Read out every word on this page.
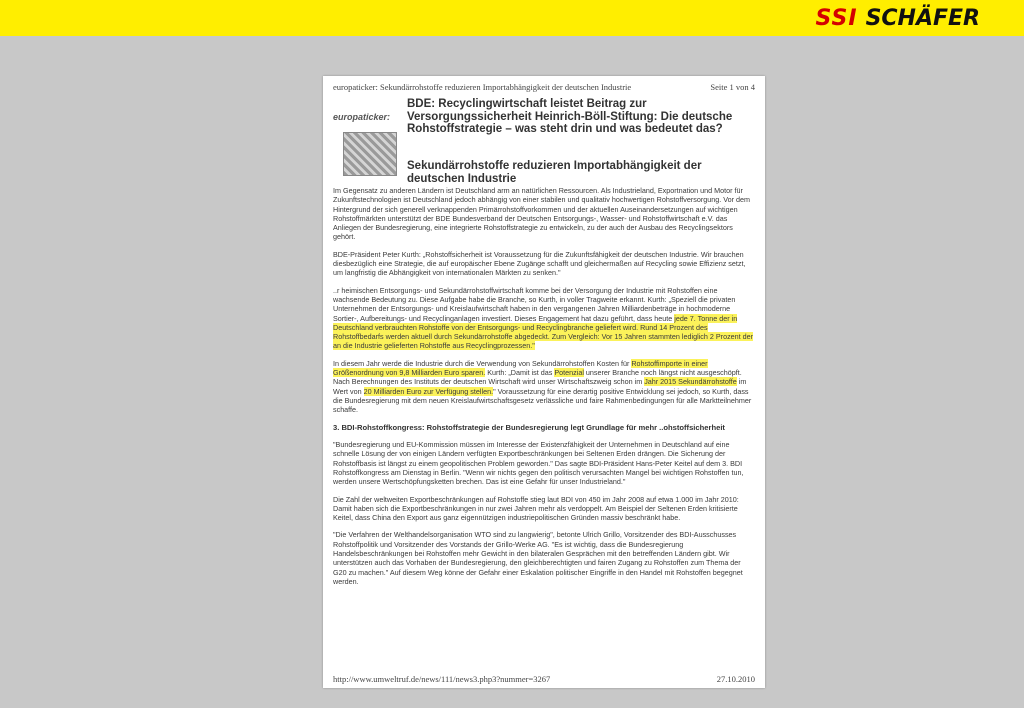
SSI SCHÄFER
europaticker: Sekundärrohstoffe reduzieren Importabhängigkeit der deutschen Industrie	Seite 1 von 4
europaticker:
BDE: Recyclingwirtschaft leistet Beitrag zur Versorgungssicherheit Heinrich-Böll-Stiftung: Die deutsche Rohstoffstrategie – was steht drin und was bedeutet das?
Sekundärrohstoffe reduzieren Importabhängigkeit der deutschen Industrie

Im Gegensatz zu anderen Ländern ist Deutschland arm an natürlichen Ressourcen. Als Industrieland, Exportnation und Motor für Zukunftstechnologien ist Deutschland jedoch abhängig von einer stabilen und qualitativ hochwertigen Rohstoffversorgung. Vor dem Hintergrund der sich generell verknappenden Primärrohstoffvorkommen und der aktuellen Auseinandersetzungen auf wichtigen Rohstoffmärkten unterstützt der BDE Bundesverband der Deutschen Entsorgungs-, Wasser- und Rohstoffwirtschaft e.V. das Anliegen der Bundesregierung, eine integrierte Rohstoffstrategie zu entwickeln, zu der auch der Ausbau des Recyclingsektors gehört.

BDE-Präsident Peter Kurth: „Rohstoffsicherheit ist Voraussetzung für die Zukunftsfähigkeit der deutschen Industrie. Wir brauchen diesbezüglich eine Strategie, die auf europäischer Ebene Zugänge schafft und gleichermaßen auf Recycling sowie Effizienz setzt, um langfristig die Abhängigkeit von internationalen Märkten zu senken."

..r heimischen Entsorgungs- und Sekundärrohstoffwirtschaft komme bei der Versorgung der Industrie mit Rohstoffen eine wachsende Bedeutung zu. Diese Aufgabe habe die Branche, so Kurth, in voller Tragweite erkannt. Kurth: „Speziell die privaten Unternehmen der Entsorgungs- und Kreislaufwirtschaft haben in den vergangenen Jahren Milliardenbeträge in hochmoderne Sortier-, Aufbereitungs- und Recyclinganlagen investiert. Dieses Engagement hat dazu geführt, dass heute jede 7. Tonne der in Deutschland verbrauchten Rohstoffe von der Entsorgungs- und Recyclingbranche geliefert wird. Rund 14 Prozent des Rohstoffbedarfs werden aktuell durch Sekundärrohstoffe abgedeckt. Zum Vergleich: Vor 15 Jahren stammten lediglich 2 Prozent der an die Industrie gelieferten Rohstoffe aus Recyclingprozessen."

In diesem Jahr werde die Industrie durch die Verwendung von Sekundärrohstoffen Kosten für Rohstoffimporte in einer Größenordnung von 9,8 Milliarden Euro sparen. Kurth: „Damit ist das Potenzial unserer Branche noch längst nicht ausgeschöpft. Nach Berechnungen des Instituts der deutschen Wirtschaft wird unser Wirtschaftszweig schon im Jahr 2015 Sekundärrohstoffe im Wert von 20 Milliarden Euro zur Verfügung stellen." Voraussetzung für eine derartig positive Entwicklung sei jedoch, so Kurth, dass die Bundesregierung mit dem neuen Kreislaufwirtschaftsgesetz verlässliche und faire Rahmenbedingungen für alle Marktteilnehmer schaffe.

3. BDI-Rohstoffkongress: Rohstoffstrategie der Bundesregierung legt Grundlage für mehr ..ohstoffsicherheit

"Bundesregierung und EU-Kommission müssen im Interesse der Existenzfähigkeit der Unternehmen in Deutschland auf eine schnelle Lösung der von einigen Ländern verfügten Exportbeschränkungen bei Seltenen Erden drängen. Die Sicherung der Rohstoffbasis ist längst zu einem geopolitischen Problem geworden." Das sagte BDI-Präsident Hans-Peter Keitel auf dem 3. BDI Rohstoffkongress am Dienstag in Berlin. "Wenn wir nichts gegen den politisch verursachten Mangel bei wichtigen Rohstoffen tun, werden unsere Wertschöpfungsketten brechen. Das ist eine Gefahr für unser Industrieland."

Die Zahl der weltweiten Exportbeschränkungen auf Rohstoffe stieg laut BDI von 450 im Jahr 2008 auf etwa 1.000 im Jahr 2010: Damit haben sich die Exportbeschränkungen in nur zwei Jahren mehr als verdoppelt. Am Beispiel der Seltenen Erden kritisierte Keitel, dass China den Export aus ganz eigennützigen industriepolitischen Gründen massiv beschränkt habe.

"Die Verfahren der Welthandelsorganisation WTO sind zu langwierig", betonte Ulrich Grillo, Vorsitzender des BDI-Ausschusses Rohstoffpolitik und Vorsitzender des Vorstands der Grillo-Werke AG. "Es ist wichtig, dass die Bundesregierung Handelsbeschränkungen bei Rohstoffen mehr Gewicht in den bilateralen Gesprächen mit den betreffenden Ländern gibt. Wir unterstützen auch das Vorhaben der Bundesregierung, den gleichberechtigten und fairen Zugang zu Rohstoffen zum Thema der G20 zu machen." Auf diesem Weg könne der Gefahr einer Eskalation politischer Eingriffe in den Handel mit Rohstoffen begegnet werden.

http://www.umweltruf.de/news/111/news3.php3?nummer=3267	27.10.2010
